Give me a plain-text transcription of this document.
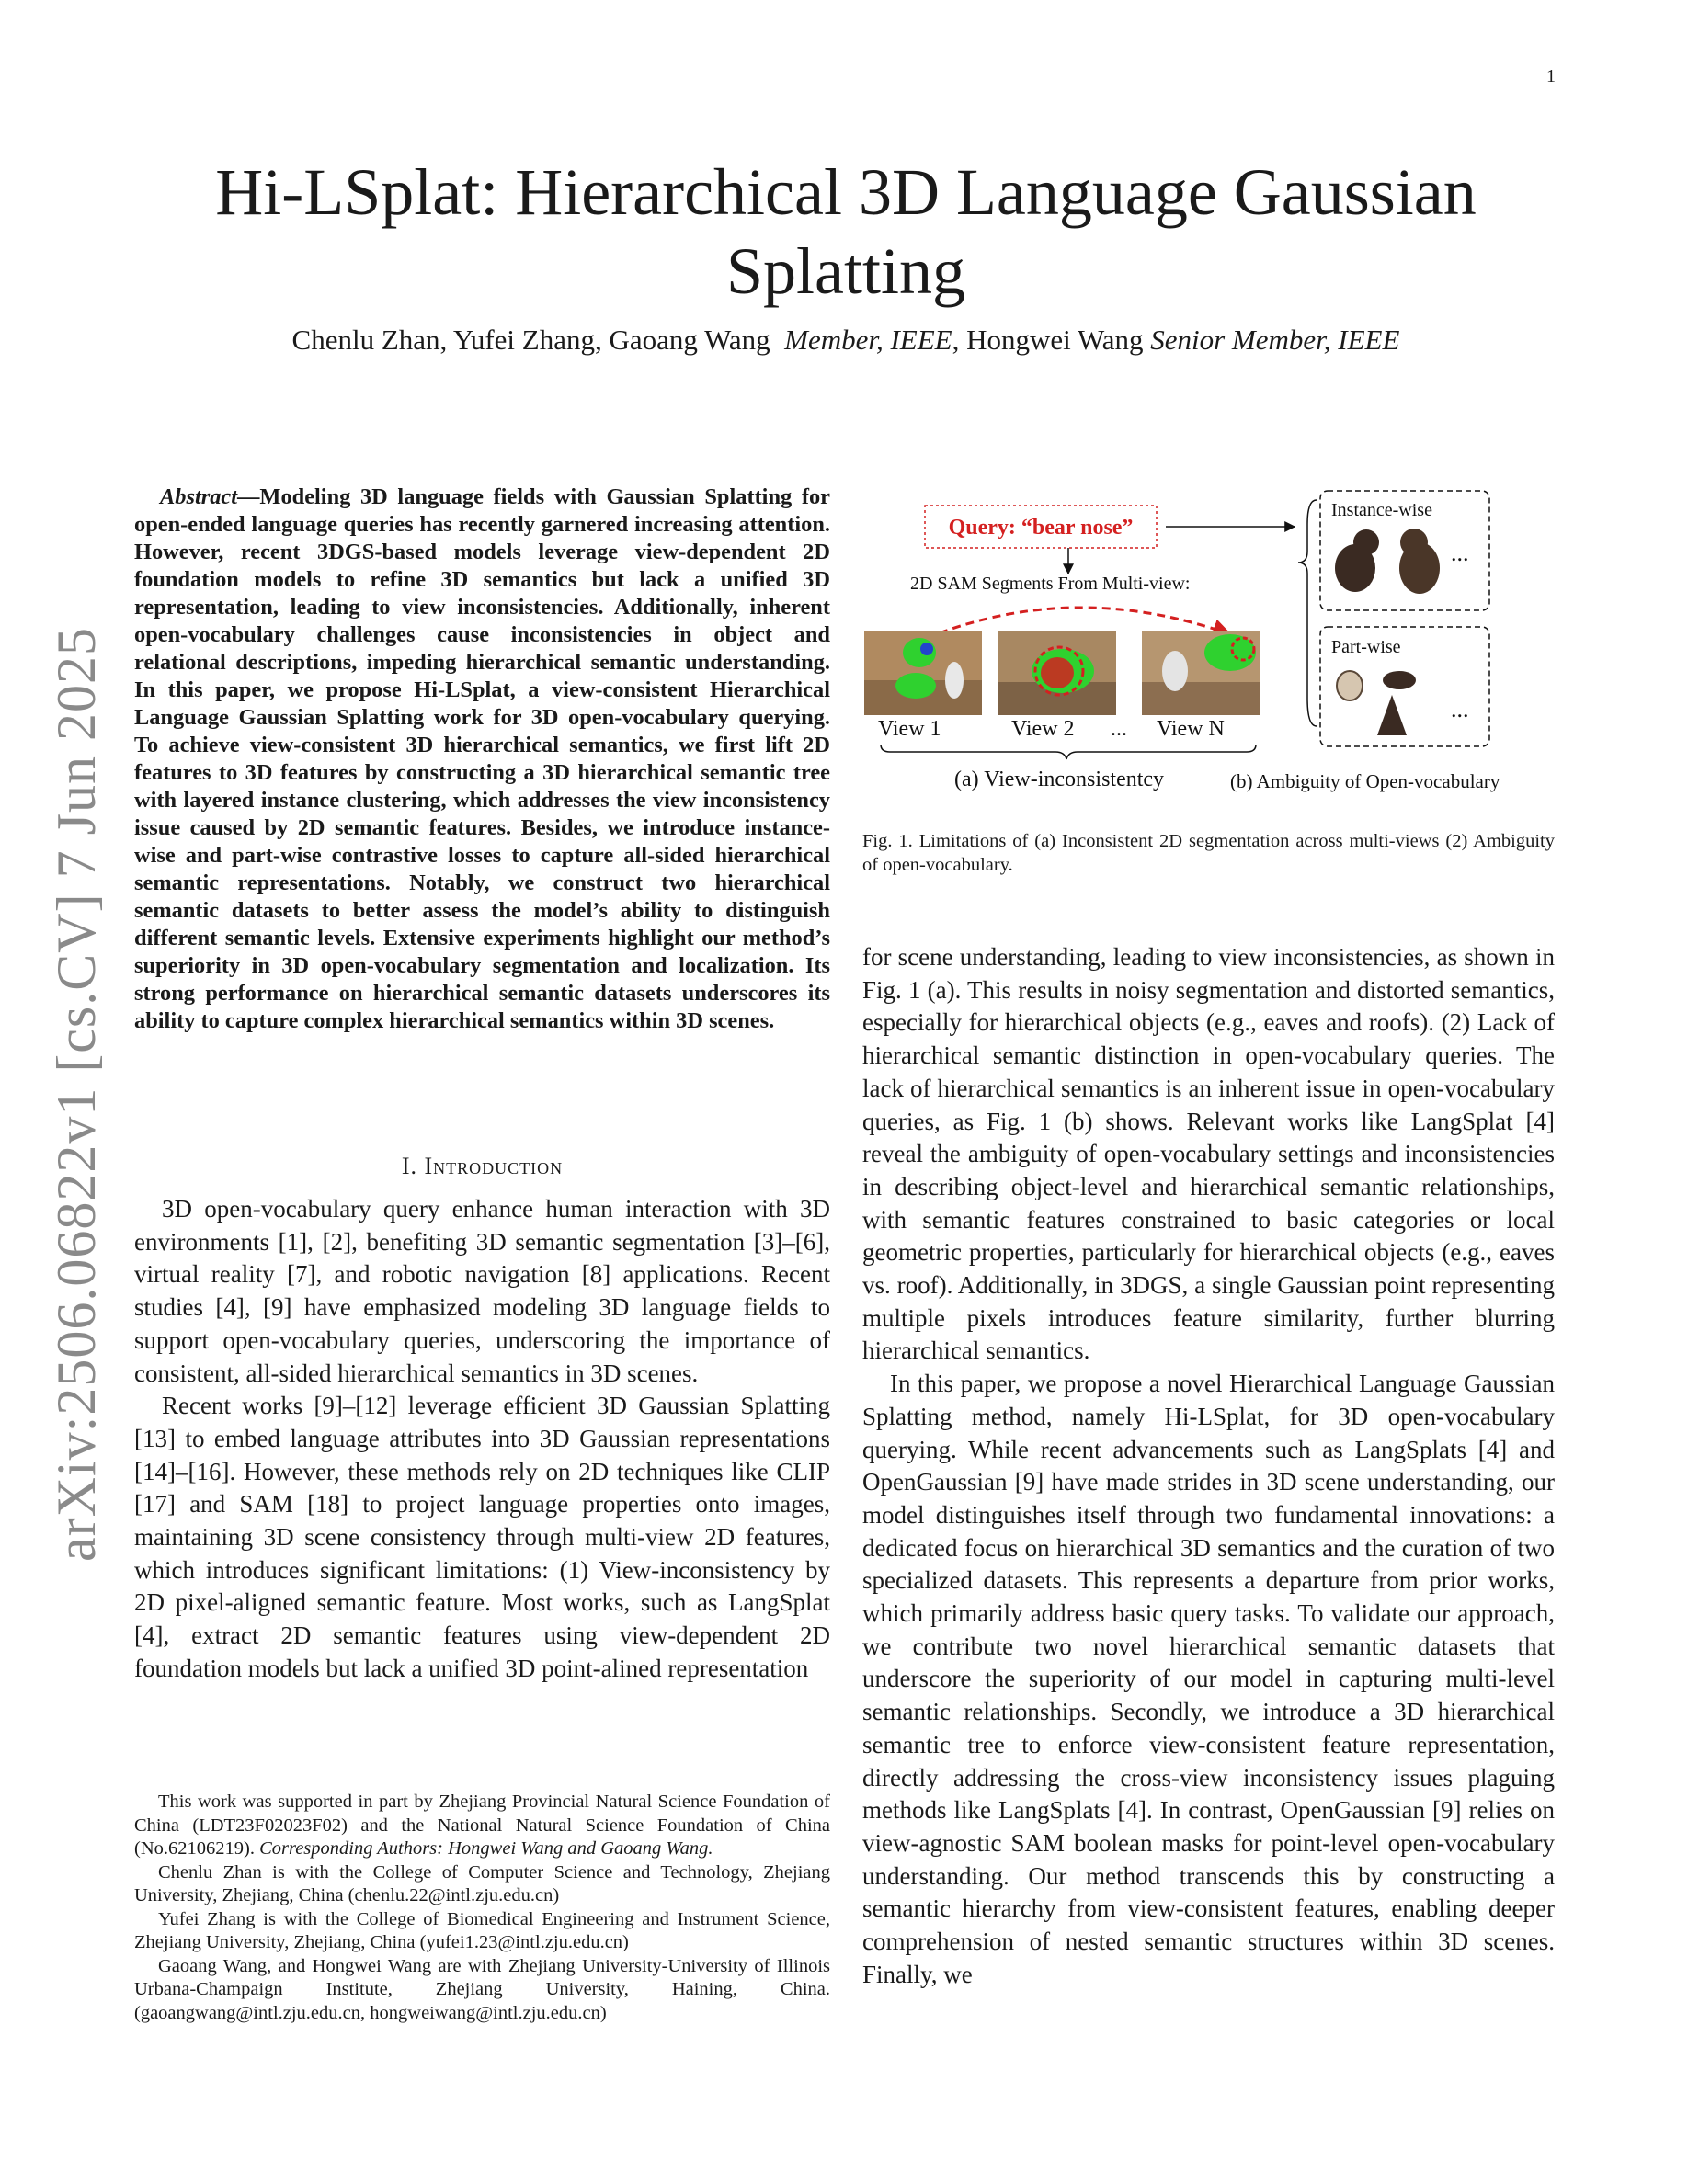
1
arXiv:2506.06822v1 [cs.CV] 7 Jun 2025
Hi-LSplat: Hierarchical 3D Language Gaussian Splatting
Chenlu Zhan, Yufei Zhang, Gaoang Wang Member, IEEE, Hongwei Wang Senior Member, IEEE

Abstract—Modeling 3D language fields with Gaussian Splatting for open-ended language queries has recently garnered increasing attention. However, recent 3DGS-based models leverage view-dependent 2D foundation models to refine 3D semantics but lack a unified 3D representation, leading to view inconsistencies. Additionally, inherent open-vocabulary challenges cause inconsistencies in object and relational descriptions, impeding hierarchical semantic understanding. In this paper, we propose Hi-LSplat, a view-consistent Hierarchical Language Gaussian Splatting work for 3D open-vocabulary querying. To achieve view-consistent 3D hierarchical semantics, we first lift 2D features to 3D features by constructing a 3D hierarchical semantic tree with layered instance clustering, which addresses the view inconsistency issue caused by 2D semantic features. Besides, we introduce instance-wise and part-wise contrastive losses to capture all-sided hierarchical semantic representations. Notably, we construct two hierarchical semantic datasets to better assess the model’s ability to distinguish different semantic levels. Extensive experiments highlight our method’s superiority in 3D open-vocabulary segmentation and localization. Its strong performance on hierarchical semantic datasets underscores its ability to capture complex hierarchical semantics within 3D scenes.

I. Introduction

3D open-vocabulary query enhance human interaction with 3D environments [1], [2], benefiting 3D semantic segmentation [3]–[6], virtual reality [7], and robotic navigation [8] applications. Recent studies [4], [9] have emphasized modeling 3D language fields to support open-vocabulary queries, underscoring the importance of consistent, all-sided hierarchical semantics in 3D scenes.

Recent works [9]–[12] leverage efficient 3D Gaussian Splatting [13] to embed language attributes into 3D Gaussian representations [14]–[16]. However, these methods rely on 2D techniques like CLIP [17] and SAM [18] to project language properties onto images, maintaining 3D scene consistency through multi-view 2D features, which introduces significant limitations: (1) View-inconsistency by 2D pixel-aligned semantic feature. Most works, such as LangSplat [4], extract 2D semantic features using view-dependent 2D foundation models but lack a unified 3D point-alined representation

This work was supported in part by Zhejiang Provincial Natural Science Foundation of China (LDT23F02023F02) and the National Natural Science Foundation of China (No.62106219). Corresponding Authors: Hongwei Wang and Gaoang Wang.

Chenlu Zhan is with the College of Computer Science and Technology, Zhejiang University, Zhejiang, China (chenlu.22@intl.zju.edu.cn)

Yufei Zhang is with the College of Biomedical Engineering and Instrument Science, Zhejiang University, Zhejiang, China (yufei1.23@intl.zju.edu.cn)

Gaoang Wang, and Hongwei Wang are with Zhejiang University-University of Illinois Urbana-Champaign Institute, Zhejiang University, Haining, China. (gaoangwang@intl.zju.edu.cn, hongweiwang@intl.zju.edu.cn)

Query: “bear nose”
2D SAM Segments From Multi-view:
View 1	View 2 ... View N
Instance-wise
...
Part-wise
...
(a) View-inconsistentcy	(b) Ambiguity of Open-vocabulary

Fig. 1. Limitations of (a) Inconsistent 2D segmentation across multi-views (2) Ambiguity of open-vocabulary.

for scene understanding, leading to view inconsistencies, as shown in Fig. 1 (a). This results in noisy segmentation and distorted semantics, especially for hierarchical objects (e.g., eaves and roofs). (2) Lack of hierarchical semantic distinction in open-vocabulary queries. The lack of hierarchical semantics is an inherent issue in open-vocabulary queries, as Fig. 1 (b) shows. Relevant works like LangSplat [4] reveal the ambiguity of open-vocabulary settings and inconsistencies in describing object-level and hierarchical semantic relationships, with semantic features constrained to basic categories or local geometric properties, particularly for hierarchical objects (e.g., eaves vs. roof). Additionally, in 3DGS, a single Gaussian point representing multiple pixels introduces feature similarity, further blurring hierarchical semantics.

In this paper, we propose a novel Hierarchical Language Gaussian Splatting method, namely Hi-LSplat, for 3D open-vocabulary querying. While recent advancements such as LangSplats [4] and OpenGaussian [9] have made strides in 3D scene understanding, our model distinguishes itself through two fundamental innovations: a dedicated focus on hierarchical 3D semantics and the curation of two specialized datasets. This represents a departure from prior works, which primarily address basic query tasks. To validate our approach, we contribute two novel hierarchical semantic datasets that underscore the superiority of our model in capturing multi-level semantic relationships. Secondly, we introduce a 3D hierarchical semantic tree to enforce view-consistent feature representation, directly addressing the cross-view inconsistency issues plaguing methods like LangSplats [4]. In contrast, OpenGaussian [9] relies on view-agnostic SAM boolean masks for point-level open-vocabulary understanding. Our method transcends this by constructing a semantic hierarchy from view-consistent features, enabling deeper comprehension of nested semantic structures within 3D scenes. Finally, we
